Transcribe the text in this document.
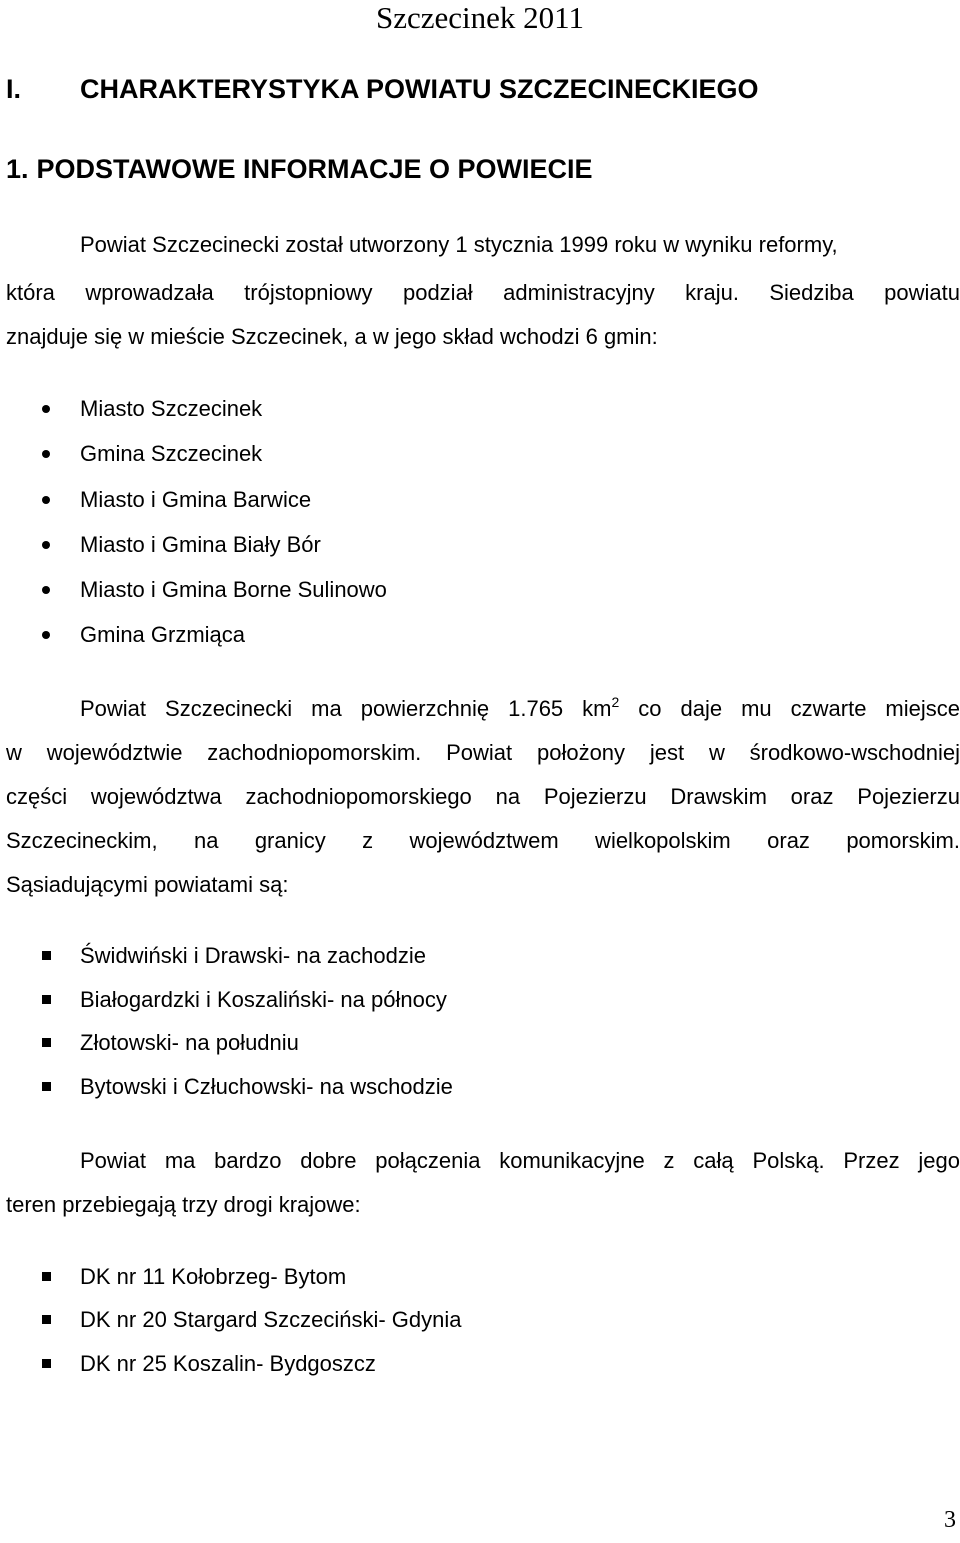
Szczecinek 2011
I. CHARAKTERYSTYKA POWIATU SZCZECINECKIEGO
1. PODSTAWOWE INFORMACJE O POWIECIE
Powiat Szczecinecki został utworzony 1 stycznia 1999 roku w wyniku reformy,
która wprowadzała trójstopniowy podział administracyjny kraju. Siedziba powiatu
znajduje się w mieście Szczecinek, a w jego skład wchodzi 6 gmin:
Miasto Szczecinek
Gmina Szczecinek
Miasto i Gmina Barwice
Miasto i Gmina Biały Bór
Miasto i Gmina Borne Sulinowo
Gmina Grzmiąca
Powiat Szczecinecki ma powierzchnię 1.765 $km^2$ co daje mu czwarte miejsce
w województwie zachodniopomorskim. Powiat położony jest w środkowo-wschodniej
części województwa zachodniopomorskiego na Pojezierzu Drawskim oraz Pojezierzu
Szczecineckim, na granicy z województwem wielkopolskim oraz pomorskim.
Sąsiadującymi powiatami są:
Świdwiński i Drawski- na zachodzie
Białogardzki i Koszaliński- na północy
Złotowski- na południu
Bytowski i Człuchowski- na wschodzie
Powiat ma bardzo dobre połączenia komunikacyjne z całą Polską. Przez jego
teren przebiegają trzy drogi krajowe:
DK nr 11 Kołobrzeg- Bytom
DK nr 20 Stargard Szczeciński- Gdynia
DK nr 25 Koszalin- Bydgoszcz
3
